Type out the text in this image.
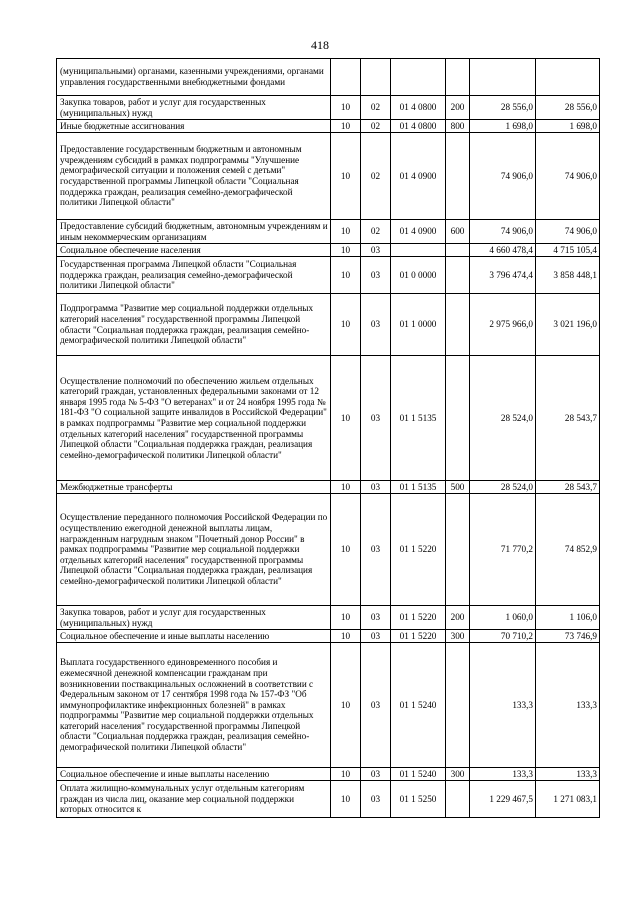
418
(муниципальными) органами, казенными учреждениями, органами управления государственными внебюджетными фондами						
Закупка товаров, работ и услуг для государственных (муниципальных) нужд	10	02	01 4 0800	200	28 556,0	28 556,0
Иные бюджетные ассигнования	10	02	01 4 0800	800	1 698,0	1 698,0
Предоставление государственным бюджетным и автономным учреждениям субсидий в рамках подпрограммы "Улучшение демографической ситуации и положения семей с детьми" государственной программы Липецкой области "Социальная поддержка граждан, реализация семейно-демографической политики Липецкой области"	10	02	01 4 0900		74 906,0	74 906,0
Предоставление субсидий бюджетным, автономным учреждениям и иным некоммерческим организациям	10	02	01 4 0900	600	74 906,0	74 906,0
Социальное обеспечение населения	10	03			4 660 478,4	4 715 105,4
Государственная программа Липецкой области "Социальная поддержка граждан, реализация семейно-демографической политики Липецкой области"	10	03	01 0 0000		3 796 474,4	3 858 448,1
Подпрограмма "Развитие мер социальной поддержки отдельных категорий населения" государственной программы Липецкой области "Социальная поддержка граждан, реализация семейно-демографической политики Липецкой области"	10	03	01 1 0000		2 975 966,0	3 021 196,0
Осуществление полномочий по обеспечению жильем отдельных категорий граждан, установленных федеральными законами от 12 января 1995 года № 5-ФЗ "О ветеранах" и от 24 ноября 1995 года № 181-ФЗ "О социальной защите инвалидов в Российской Федерации" в рамках подпрограммы "Развитие мер социальной поддержки отдельных категорий населения" государственной программы Липецкой области "Социальная поддержка граждан, реализация семейно-демографической политики Липецкой области"	10	03	01 1 5135		28 524,0	28 543,7
Межбюджетные трансферты	10	03	01 1 5135	500	28 524,0	28 543,7
Осуществление переданного полномочия Российской Федерации по осуществлению ежегодной денежной выплаты лицам, награжденным нагрудным знаком "Почетный донор России" в рамках подпрограммы "Развитие мер социальной поддержки отдельных категорий населения" государственной программы Липецкой области "Социальная поддержка граждан, реализация семейно-демографической политики Липецкой области"	10	03	01 1 5220		71 770,2	74 852,9
Закупка товаров, работ и услуг для государственных (муниципальных) нужд	10	03	01 1 5220	200	1 060,0	1 106,0
Социальное обеспечение и иные выплаты населению	10	03	01 1 5220	300	70 710,2	73 746,9
Выплата государственного единовременного пособия и ежемесячной денежной компенсации гражданам при возникновении поствакцинальных осложнений в соответствии с Федеральным законом от 17 сентября 1998 года № 157-ФЗ "Об иммунопрофилактике инфекционных болезней" в рамках подпрограммы "Развитие мер социальной поддержки отдельных категорий населения" государственной программы Липецкой области "Социальная поддержка граждан, реализация семейно-демографической политики Липецкой области"	10	03	01 1 5240		133,3	133,3
Социальное обеспечение и иные выплаты населению	10	03	01 1 5240	300	133,3	133,3
Оплата жилищно-коммунальных услуг отдельным категориям граждан из числа лиц, оказание мер социальной поддержки которых относится к	10	03	01 1 5250		1 229 467,5	1 271 083,1
